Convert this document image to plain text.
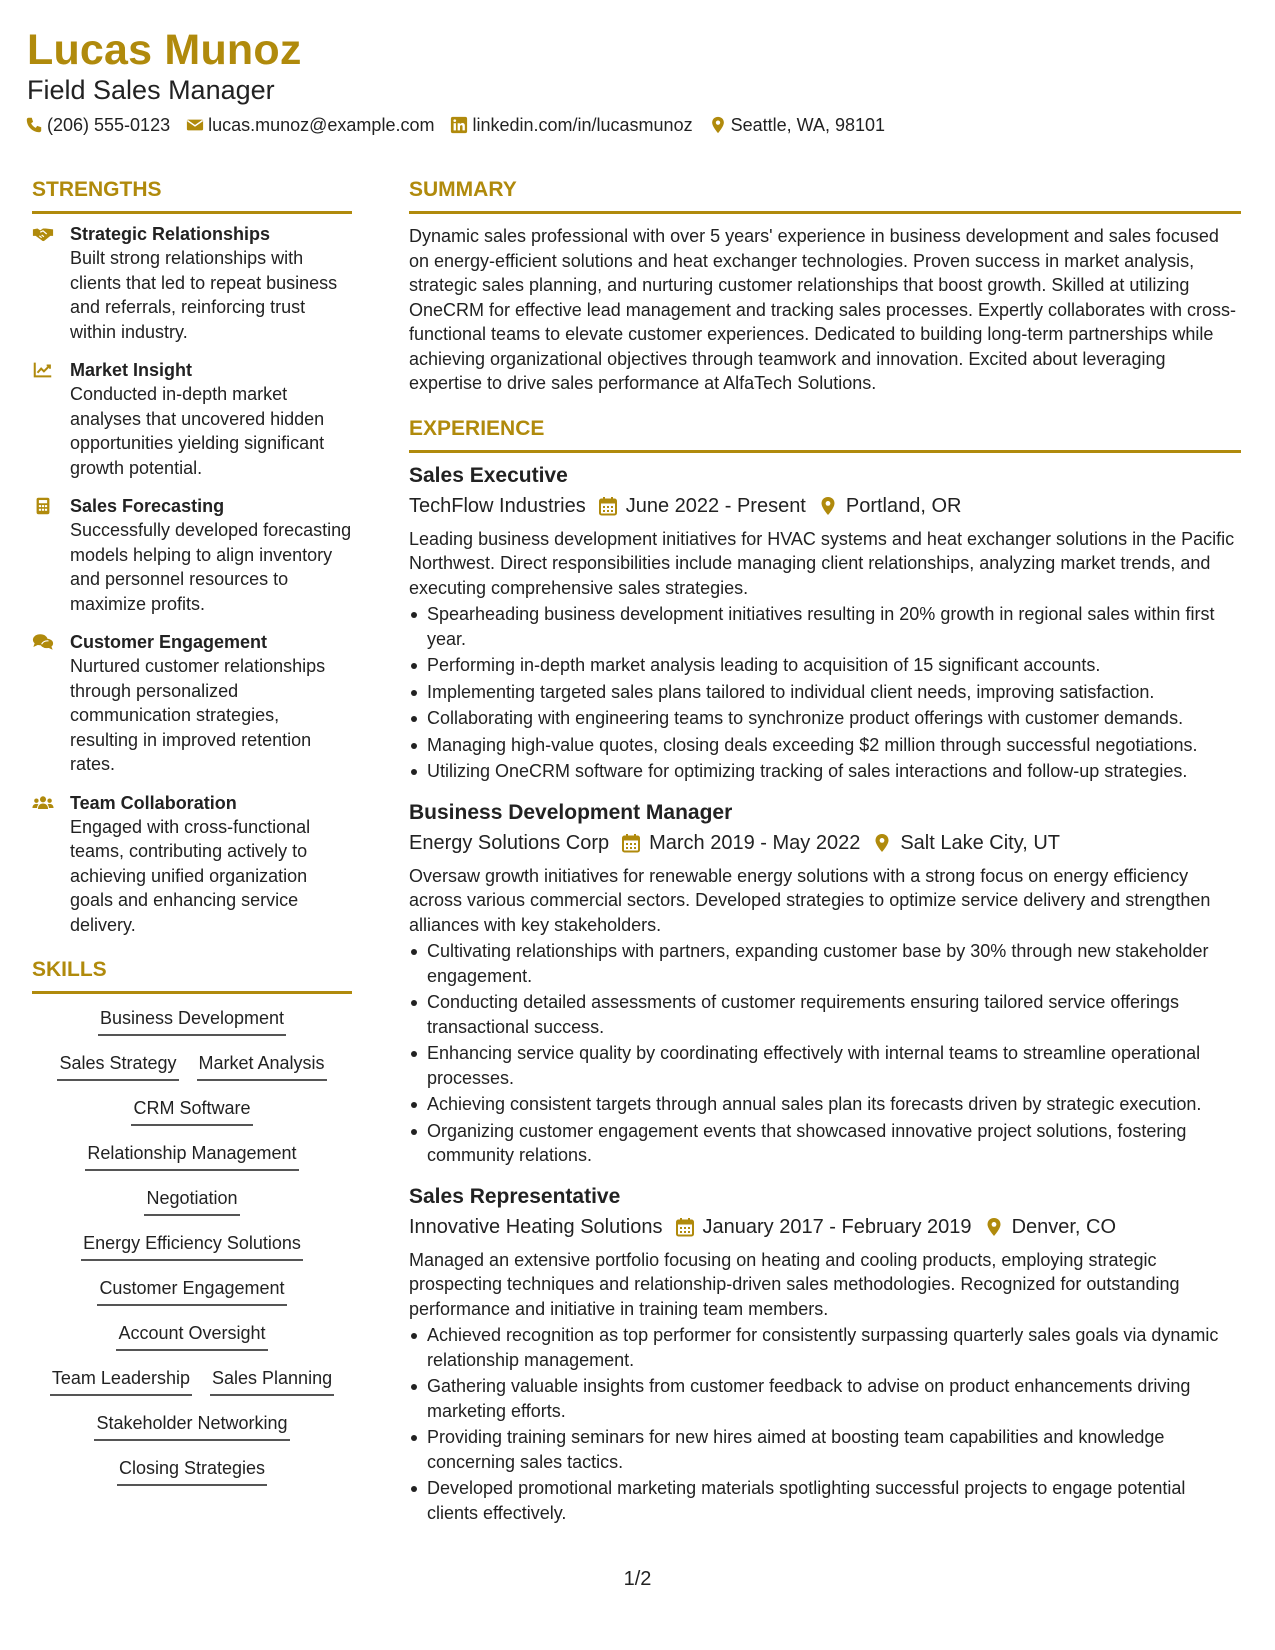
Lucas Munoz
Field Sales Manager
(206) 555-0123 lucas.munoz@example.com linkedin.com/in/lucasmunoz Seattle, WA, 98101
STRENGTHS
Strategic Relationships
Built strong relationships with clients that led to repeat business and referrals, reinforcing trust within industry.
Market Insight
Conducted in-depth market analyses that uncovered hidden opportunities yielding significant growth potential.
Sales Forecasting
Successfully developed forecasting models helping to align inventory and personnel resources to maximize profits.
Customer Engagement
Nurtured customer relationships through personalized communication strategies, resulting in improved retention rates.
Team Collaboration
Engaged with cross-functional teams, contributing actively to achieving unified organization goals and enhancing service delivery.
SKILLS
Business Development
Sales Strategy Market Analysis
CRM Software
Relationship Management
Negotiation
Energy Efficiency Solutions
Customer Engagement
Account Oversight
Team Leadership Sales Planning
Stakeholder Networking
Closing Strategies
SUMMARY

Dynamic sales professional with over 5 years' experience in business development and sales focused on energy-efficient solutions and heat exchanger technologies. Proven success in market analysis, strategic sales planning, and nurturing customer relationships that boost growth. Skilled at utilizing OneCRM for effective lead management and tracking sales processes. Expertly collaborates with cross-functional teams to elevate customer experiences. Dedicated to building long-term partnerships while achieving organizational objectives through teamwork and innovation. Excited about leveraging expertise to drive sales performance at AlfaTech Solutions.

EXPERIENCE
Sales Executive
TechFlow Industries June 2022 - Present Portland, OR
Leading business development initiatives for HVAC systems and heat exchanger solutions in the Pacific Northwest. Direct responsibilities include managing client relationships, analyzing market trends, and executing comprehensive sales strategies.
Spearheading business development initiatives resulting in 20% growth in regional sales within first year.
Performing in-depth market analysis leading to acquisition of 15 significant accounts.
Implementing targeted sales plans tailored to individual client needs, improving satisfaction.
Collaborating with engineering teams to synchronize product offerings with customer demands.
Managing high-value quotes, closing deals exceeding $2 million through successful negotiations.
Utilizing OneCRM software for optimizing tracking of sales interactions and follow-up strategies.
Business Development Manager
Energy Solutions Corp March 2019 - May 2022 Salt Lake City, UT
Oversaw growth initiatives for renewable energy solutions with a strong focus on energy efficiency across various commercial sectors. Developed strategies to optimize service delivery and strengthen alliances with key stakeholders.
Cultivating relationships with partners, expanding customer base by 30% through new stakeholder engagement.
Conducting detailed assessments of customer requirements ensuring tailored service offerings transactional success.
Enhancing service quality by coordinating effectively with internal teams to streamline operational processes.
Achieving consistent targets through annual sales plan its forecasts driven by strategic execution.
Organizing customer engagement events that showcased innovative project solutions, fostering community relations.
Sales Representative
Innovative Heating Solutions January 2017 - February 2019 Denver, CO
Managed an extensive portfolio focusing on heating and cooling products, employing strategic prospecting techniques and relationship-driven sales methodologies. Recognized for outstanding performance and initiative in training team members.
Achieved recognition as top performer for consistently surpassing quarterly sales goals via dynamic relationship management.
Gathering valuable insights from customer feedback to advise on product enhancements driving marketing efforts.
Providing training seminars for new hires aimed at boosting team capabilities and knowledge concerning sales tactics.
Developed promotional marketing materials spotlighting successful projects to engage potential clients effectively.
1/2
